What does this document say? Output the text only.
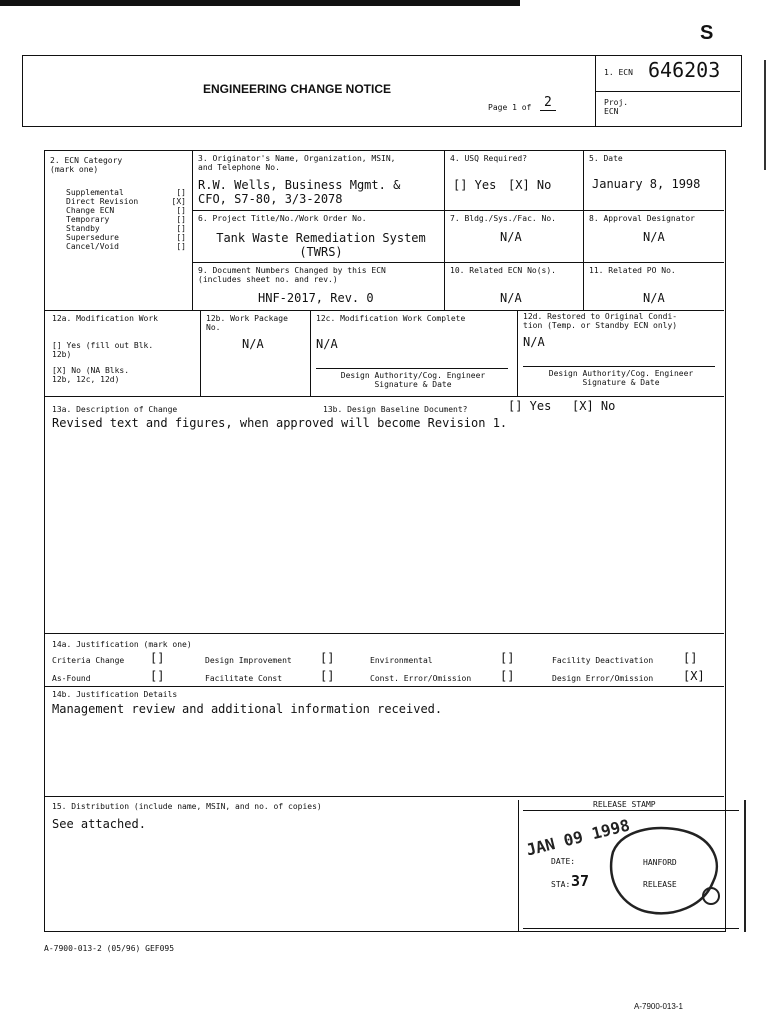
S
ENGINEERING CHANGE NOTICE
1. ECN 646203
Page 1 of 2	Proj.
ECN
2. ECN Category
(mark one)
Supplemental	[]
Direct Revision	[X]
Change ECN	[]
Temporary	[]
Standby	[]
Supersedure	[]
Cancel/Void	[]
3. Originator's Name, Organization, MSIN,
and Telephone No.
R.W. Wells, Business Mgmt. &
CFO, S7-80, 3/3-2078
4. USQ Required?
[] Yes [X] No
5. Date
January 8, 1998
6. Project Title/No./Work Order No.
Tank Waste Remediation System
(TWRS)
7. Bldg./Sys./Fac. No.
N/A
8. Approval Designator
N/A
9. Document Numbers Changed by this ECN
(includes sheet no. and rev.)
HNF-2017, Rev. 0
10. Related ECN No(s).
N/A
11. Related PO No.
N/A
12a. Modification Work
[] Yes (fill out Blk.
12b)
[X] No (NA Blks.
12b, 12c, 12d)
12b. Work Package
No.
N/A
12c. Modification Work Complete
N/A
Design Authority/Cog. Engineer
Signature & Date
12d. Restored to Original Condi-
tion (Temp. or Standby ECN only)
N/A
Design Authority/Cog. Engineer
Signature & Date
13a. Description of Change	13b. Design Baseline Document?	[] Yes [X] No
Revised text and figures, when approved will become Revision 1.
14a. Justification (mark one)
Criteria Change []	Design Improvement []	Environmental	[]	Facility Deactivation []
As-Found	[]	Facilitate Const	[]	Const. Error/Omission []	Design Error/Omission [X]
14b. Justification Details
Management review and additional information received.
15. Distribution (include name, MSIN, and no. of copies)
See attached.
RELEASE STAMP
JAN 09 1998
DATE:
STA: 37
HANFORD
RELEASE
A-7900-013-2 (05/96) GEF095
A-7900-013-1
